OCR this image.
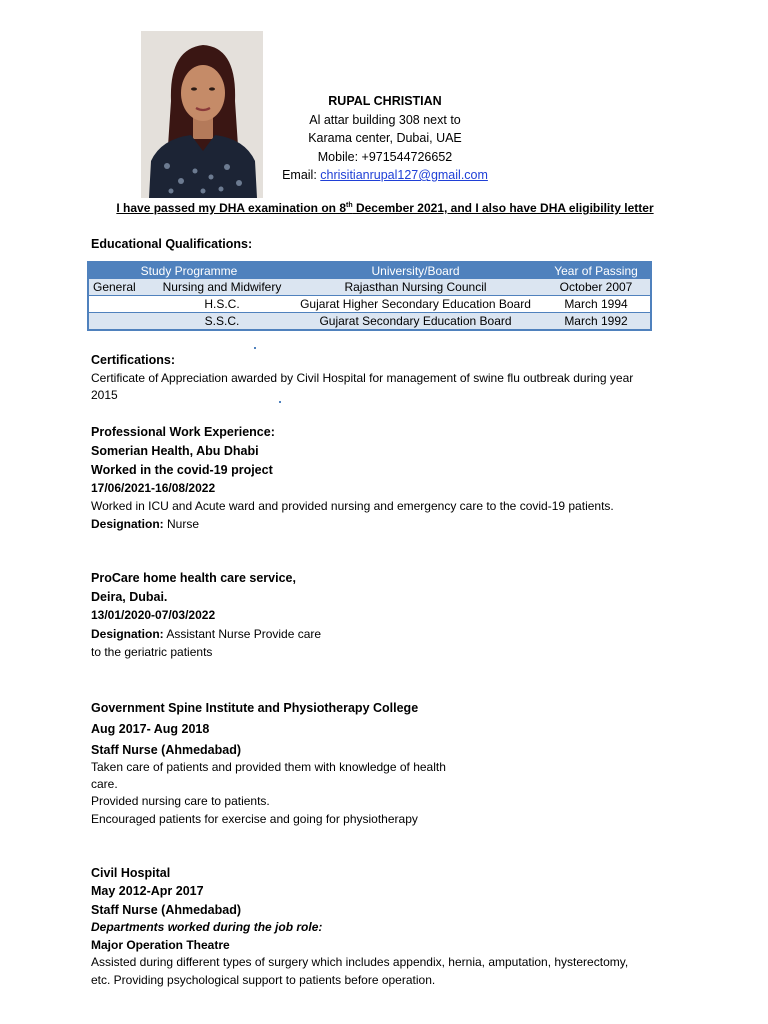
RUPAL CHRISTIAN
Al attar building 308 next to
Karama center, Dubai, UAE
Mobile: +971544726652
Email: chrisitianrupal127@gmail.com
I have passed my DHA examination on 8th December 2021, and I also have DHA eligibility letter
Educational Qualifications:
Study Programme		University/Board	Year of Passing
General	Nursing and Midwifery	Rajasthan Nursing Council	October 2007
	H.S.C.	Gujarat Higher Secondary Education Board	March 1994
	S.S.C.	Gujarat Secondary Education Board	March 1992
Certifications:
Certificate of Appreciation awarded by Civil Hospital for management of swine flu outbreak during year
2015
Professional Work Experience:
Somerian Health, Abu Dhabi
Worked in the covid-19 project
17/06/2021-16/08/2022
Worked in ICU and Acute ward and provided nursing and emergency care to the covid-19 patients.
Designation: Nurse
ProCare home health care service,
Deira, Dubai.
13/01/2020-07/03/2022
Designation: Assistant Nurse Provide care
to the geriatric patients
Government Spine Institute and Physiotherapy College
Aug 2017- Aug 2018
Staff Nurse (Ahmedabad)
Taken care of patients and provided them with knowledge of health
care.
Provided nursing care to patients.
Encouraged patients for exercise and going for physiotherapy
Civil Hospital
May 2012-Apr 2017
Staff Nurse (Ahmedabad)
Departments worked during the job role:
Major Operation Theatre
Assisted during different types of surgery which includes appendix, hernia, amputation, hysterectomy,
etc. Providing psychological support to patients before operation.
